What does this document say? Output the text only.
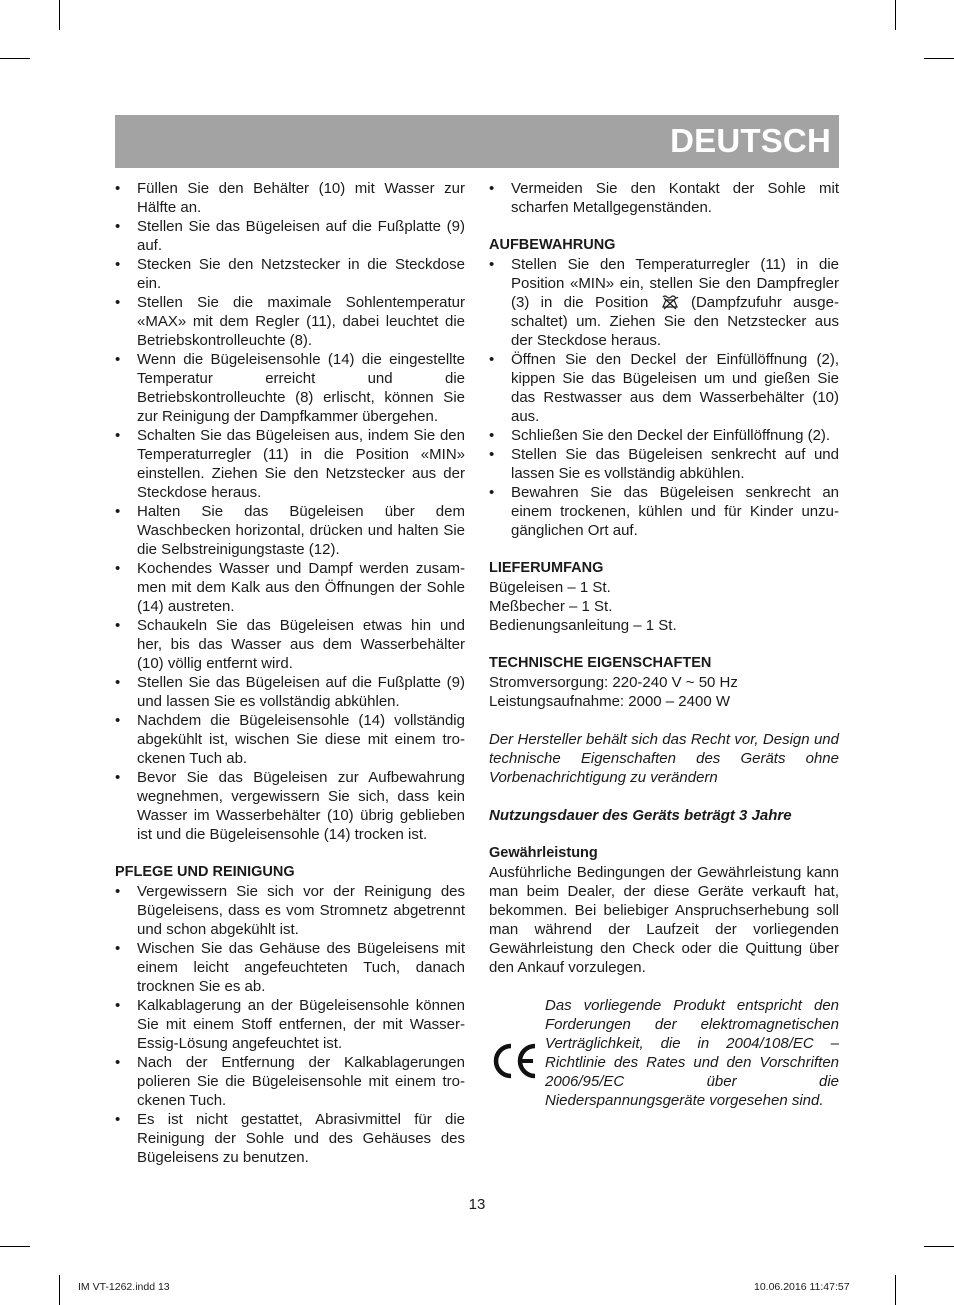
DEUTSCH
• Füllen Sie den Behälter (10) mit Wasser zur Hälfte an.
• Stellen Sie das Bügeleisen auf die Fußplatte (9) auf.
• Stecken Sie den Netzstecker in die Steckdose ein.
• Stellen Sie die maximale Sohlentemperatur «MAX» mit dem Regler (11), dabei leuchtet die Betriebskontrolleuchte (8).
• Wenn die Bügeleisensohle (14) die eingestellte Temperatur erreicht und die Betriebskontrolleuchte (8) erlischt, können Sie zur Reinigung der Dampfkammer übergehen.
• Schalten Sie das Bügeleisen aus, indem Sie den Temperaturregler (11) in die Position «MIN» einstellen. Ziehen Sie den Netzstecker aus der Steckdose heraus.
• Halten Sie das Bügeleisen über dem Waschbecken horizontal, drücken und halten Sie die Selbstreinigungstaste (12).
• Kochendes Wasser und Dampf werden zusammen mit dem Kalk aus den Öffnungen der Sohle (14) austreten.
• Schaukeln Sie das Bügeleisen etwas hin und her, bis das Wasser aus dem Wasserbehälter (10) völlig entfernt wird.
• Stellen Sie das Bügeleisen auf die Fußplatte (9) und lassen Sie es vollständig abkühlen.
• Nachdem die Bügeleisensohle (14) vollständig abgekühlt ist, wischen Sie diese mit einem trockenen Tuch ab.
• Bevor Sie das Bügeleisen zur Aufbewahrung wegnehmen, vergewissern Sie sich, dass kein Wasser im Wasserbehälter (10) übrig geblieben ist und die Bügeleisensohle (14) trocken ist.
PFLEGE UND REINIGUNG
• Vergewissern Sie sich vor der Reinigung des Bügeleisens, dass es vom Stromnetz abgetrennt und schon abgekühlt ist.
• Wischen Sie das Gehäuse des Bügeleisens mit einem leicht angefeuchteten Tuch, danach trocknen Sie es ab.
• Kalkablagerung an der Bügeleisensohle können Sie mit einem Stoff entfernen, der mit Wasser-Essig-Lösung angefeuchtet ist.
• Nach der Entfernung der Kalkablagerungen polieren Sie die Bügeleisensohle mit einem trockenen Tuch.
• Es ist nicht gestattet, Abrasivmittel für die Reinigung der Sohle und des Gehäuses des Bügeleisens zu benutzen.
• Vermeiden Sie den Kontakt der Sohle mit scharfen Metallgegenständen.
AUFBEWAHRUNG
• Stellen Sie den Temperaturregler (11) in die Position «MIN» ein, stellen Sie den Dampfregler (3) in die Position	(Dampfzufuhr ausgeschaltet) um. Ziehen Sie den Netzstecker aus der Steckdose heraus.
• Öffnen Sie den Deckel der Einfüllöffnung (2), kippen Sie das Bügeleisen um und gießen Sie das Restwasser aus dem Wasserbehälter (10) aus.
• Schließen Sie den Deckel der Einfüllöffnung (2).
• Stellen Sie das Bügeleisen senkrecht auf und lassen Sie es vollständig abkühlen.
• Bewahren Sie das Bügeleisen senkrecht an einem trockenen, kühlen und für Kinder unzugänglichen Ort auf.
LIEFERUMFANG

Bügeleisen – 1 St.

Meßbecher – 1 St.

Bedienungsanleitung – 1 St.

TECHNISCHE EIGENSCHAFTEN

Stromversorgung: 220-240 V ~ 50 Hz

Leistungsaufnahme: 2000 – 2400 W

Der Hersteller behält sich das Recht vor, Design und technische Eigenschaften des Geräts ohne Vorbenachrichtigung zu verändern

Nutzungsdauer des Geräts beträgt 3 Jahre

Gewährleistung

Ausführliche Bedingungen der Gewährleistung kann man beim Dealer, der diese Geräte verkauft hat, bekommen. Bei beliebiger Anspruchserhebung soll man während der Laufzeit der vorliegenden Gewährleistung den Check oder die Quittung über den Ankauf vorzulegen.

Das vorliegende Produkt entspricht den Forderungen der elektromagnetischen Verträglichkeit, die in 2004/108/EC – Richtlinie des Rates und den Vorschriften 2006/95/EC über die Niederspannungsgeräte vorgesehen sind.
13
IM VT-1262.indd 13	10.06.2016 11:47:57
